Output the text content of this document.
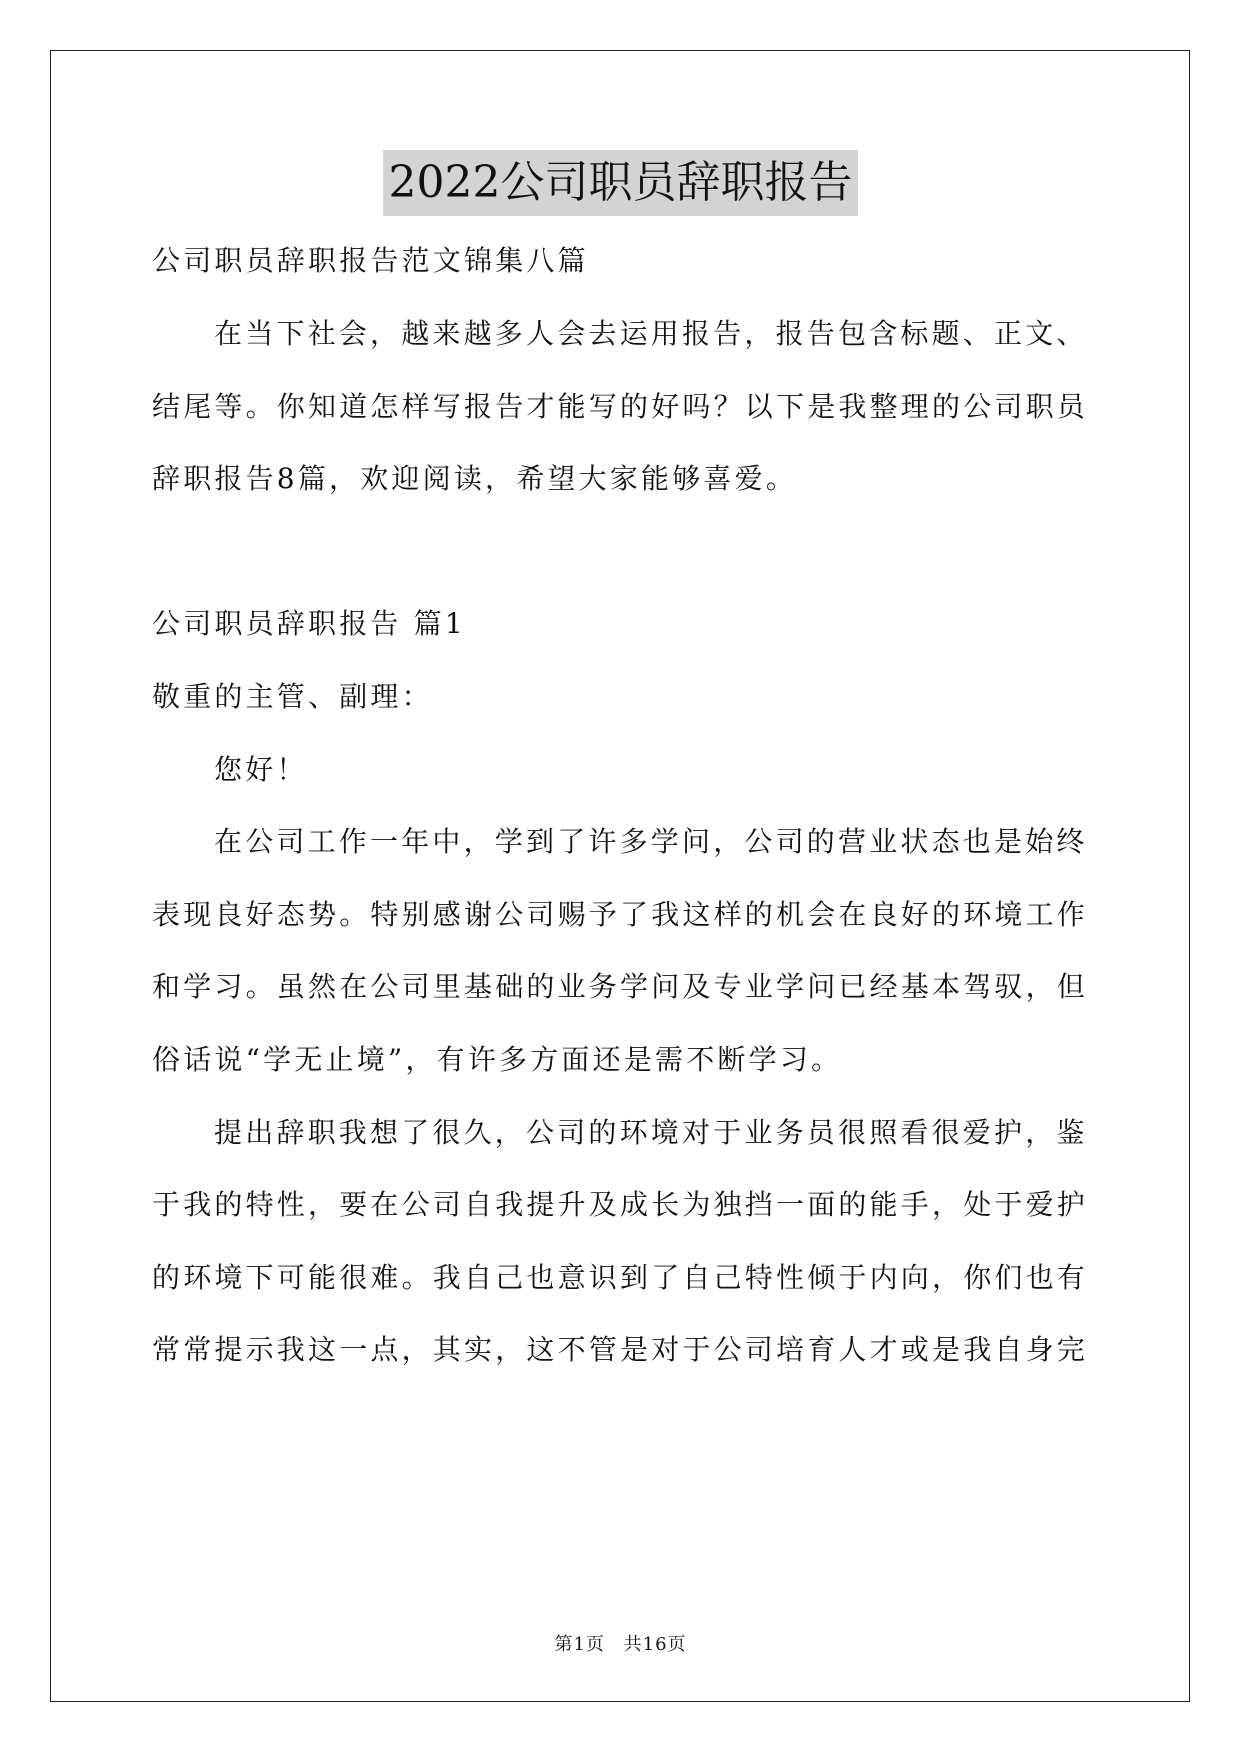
2022公司职员辞职报告
公司职员辞职报告范文锦集八篇
在当下社会，越来越多人会去运用报告，报告包含标题、正文、
结尾等。你知道怎样写报告才能写的好吗？以下是我整理的公司职员
辞职报告8篇，欢迎阅读，希望大家能够喜爱。
公司职员辞职报告 篇1
敬重的主管、副理：
您好！
在公司工作一年中，学到了许多学问，公司的营业状态也是始终
表现良好态势。特别感谢公司赐予了我这样的机会在良好的环境工作
和学习。虽然在公司里基础的业务学问及专业学问已经基本驾驭，但
俗话说“学无止境”，有许多方面还是需不断学习。
提出辞职我想了很久，公司的环境对于业务员很照看很爱护，鉴
于我的特性，要在公司自我提升及成长为独挡一面的能手，处于爱护
的环境下可能很难。我自己也意识到了自己特性倾于内向，你们也有
常常提示我这一点，其实，这不管是对于公司培育人才或是我自身完
第1页 共16页
